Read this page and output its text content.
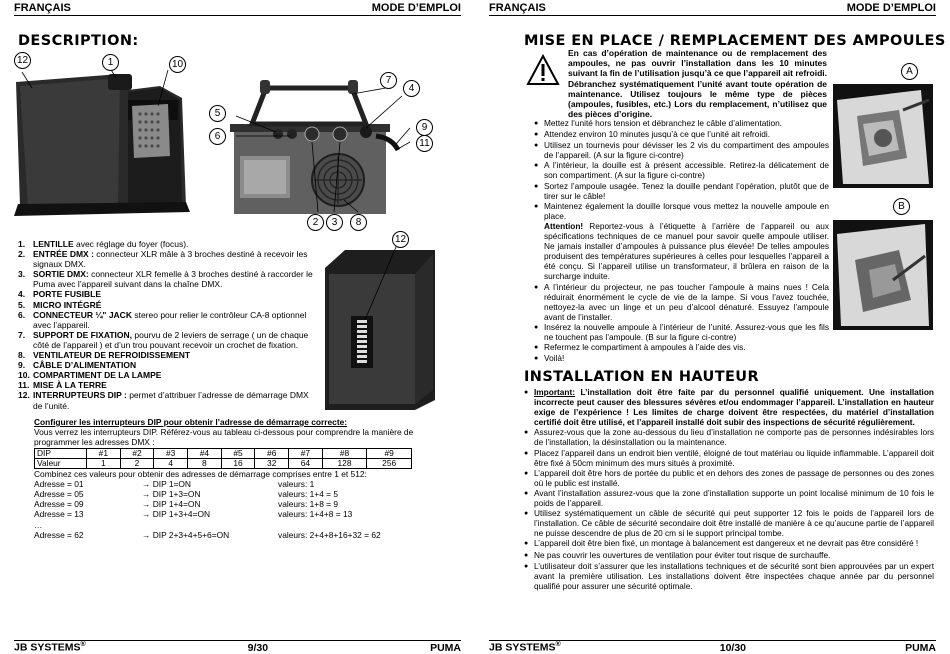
FRANÇAIS	MODE D’EMPLOI
DESCRIPTION:
12	1	10
7
4
5
6
9
11
2	3	8
12
1. LENTILLE avec réglage du foyer (focus).
2. ENTRÉE DMX : connecteur XLR mâle à 3 broches destiné à recevoir les signaux DMX.
3. SORTIE DMX: connecteur XLR femelle à 3 broches destiné à raccorder le Puma avec l’appareil suivant dans la chaîne DMX.
4. PORTE FUSIBLE
5. MICRO INTÉGRÉ
6. CONNECTEUR ¼" JACK stereo pour relier le contrôleur CA-8 optionnel avec l’appareil.
7. SUPPORT DE FIXATION, pourvu de 2 leviers de serrage ( un de chaque côté de l’appareil ) et d’un trou pouvant recevoir un crochet de fixation.
8. VENTILATEUR DE REFROIDISSEMENT
9. CÂBLE D’ALIMENTATION
10. COMPARTIMENT DE LA LAMPE
11. MISE À LA TERRE
12. INTERRUPTEURS DIP : permet d’attribuer l’adresse de démarrage DMX de l’unité.
Configurer les interrupteurs DIP pour obtenir l’adresse de démarrage correcte:
Vous verrez les interrupteurs DIP. Référez-vous au tableau ci-dessous pour comprendre la manière de programmer les adresses DMX :
DIP	#1	#2	#3	#4	#5	#6	#7	#8	#9
Valeur	1	2	4	8	16	32	64	128	256
Combinez ces valeurs pour obtenir des adresses de démarrage comprises entre 1 et 512:
Adresse = 01	→ DIP 1=ON	valeurs: 1
Adresse = 05	→ DIP 1+3=ON	valeurs: 1+4 = 5
Adresse = 09	→ DIP 1+4=ON	valeurs: 1+8 = 9
Adresse = 13	→ DIP 1+3+4=ON	valeurs: 1+4+8 = 13
…
Adresse = 62	→ DIP 2+3+4+5+6=ON	valeurs: 2+4+8+16+32 = 62
JB SYSTEMS®	9/30	PUMA
FRANÇAIS	MODE D’EMPLOI
JB SYSTEMS®	10/30	PUMA
MISE EN PLACE / REMPLACEMENT DES AMPOULES
En cas d’opération de maintenance ou de remplacement des ampoules, ne pas ouvrir l’installation dans les 10 minutes suivant la fin de l’utilisation jusqu’à ce que l’appareil ait refroidi. Débranchez systématiquement l’unité avant toute opération de maintenance. Utilisez toujours le même type de pièces (ampoules, fusibles, etc.) Lors du remplacement, n’utilisez que des pièces d’origine.
A
B
● Mettez l’unité hors tension et débranchez le câble d’alimentation.
● Attendez environ 10 minutes jusqu’à ce que l’unité ait refroidi.
● Utilisez un tournevis pour dévisser les 2 vis du compartiment des ampoules de l’appareil. (A sur la figure ci-contre)
● A l’intérieur, la douille est à présent accessible. Retirez-la délicatement de son compartiment. (A sur la figure ci-contre)
● Sortez l’ampoule usagée. Tenez la douille pendant l’opération, plutôt que de tirer sur le câble!
● Maintenez également la douille lorsque vous mettez la nouvelle ampoule en place.
Attention! Reportez-vous à l’étiquette à l’arrière de l’appareil ou aux spécifications techniques de ce manuel pour savoir quelle ampoule utiliser. Ne jamais installer d’ampoules à puissance plus élevée! De telles ampoules produisent des températures supérieures à celles pour lesquelles l’appareil a été conçu. Si l’appareil utilise un transformateur, il brûlera en raison de la surcharge induite.
● A l’intérieur du projecteur, ne pas toucher l’ampoule à mains nues ! Cela réduirait énormément le cycle de vie de la lampe. Si vous l’avez touchée, nettoyez-la avec un linge et un peu d’alcool dénaturé. Essuyez l’ampoule avant de l’installer.
● Insérez la nouvelle ampoule à l’intérieur de l’unité. Assurez-vous que les fils ne touchent pas l’ampoule. (B sur la figure ci-contre)
● Refermez le compartiment à ampoules à l’aide des vis.
● Voilà!
INSTALLATION EN HAUTEUR
● Important: L’installation doit être faite par du personnel qualifié uniquement. Une installation incorrecte peut causer des blessures sévères et/ou endommager l’appareil. L’installation en hauteur exige de l’expérience ! Les limites de charge doivent être respectées, du matériel d’installation certifié doit être utilisé, et l’appareil installé doit subir des inspections de sécurité régulièrement.
● Assurez-vous que la zone au-dessous du lieu d’installation ne comporte pas de personnes indésirables lors de l’installation, la désinstallation ou la maintenance.
● Placez l’appareil dans un endroit bien ventilé, éloigné de tout matériau ou liquide inflammable. L’appareil doit être fixé à 50cm minimum des murs situés à proximité.
● L’appareil doit être hors de portée du public et en dehors des zones de passage de personnes ou des zones où le public est installé.
● Avant l’installation assurez-vous que la zone d’installation supporte un point localisé minimum de 10 fois le poids de l’appareil.
● Utilisez systématiquement un câble de sécurité qui peut supporter 12 fois le poids de l’appareil lors de l’installation. Ce câble de sécurité secondaire doit être installé de manière à ce qu’aucune partie de l’appareil ne puisse descendre de plus de 20 cm si le support principal tombe.
● L’appareil doit être bien fixé, un montage à balancement est dangereux et ne devrait pas être considéré !
● Ne pas couvrir les ouvertures de ventilation pour éviter tout risque de surchauffe.
● L’utilisateur doit s’assurer que les installations techniques et de sécurité sont bien approuvées par un expert avant la première utilisation. Les installations doivent être inspectées chaque année par du personnel qualifié pour assurer une sécurité optimale.
